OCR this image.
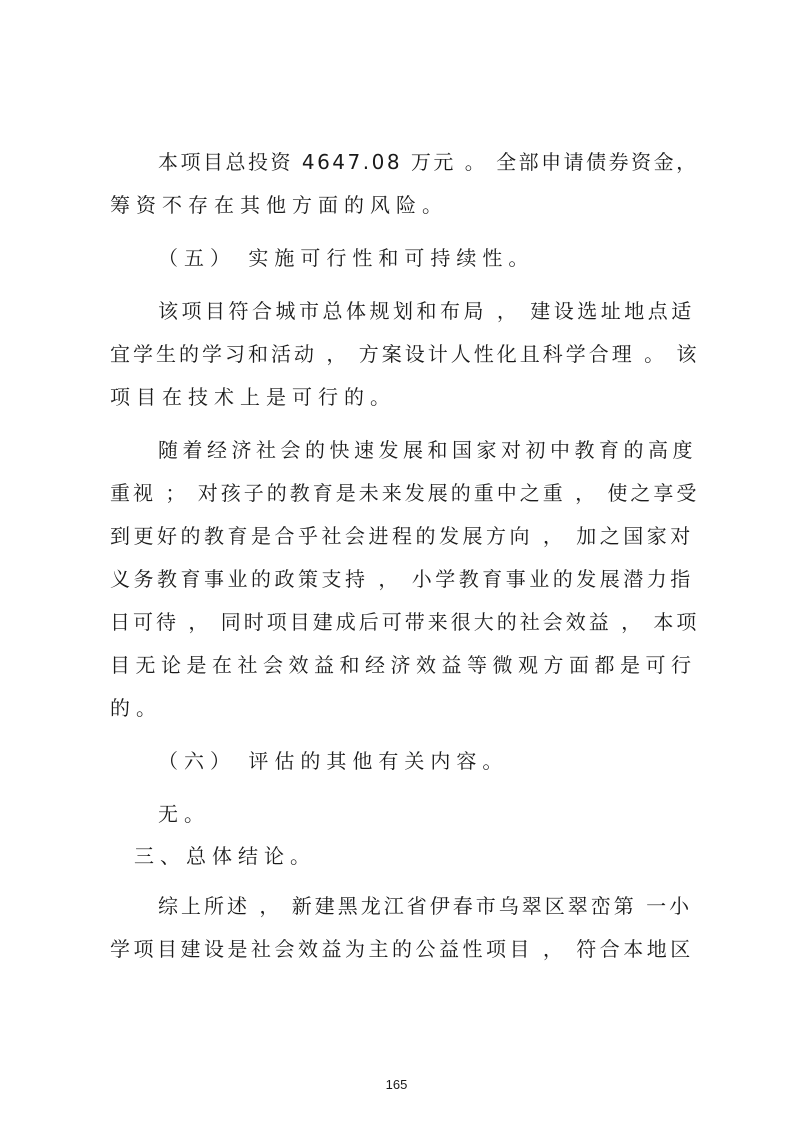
本项目总投资 4647.08 万元 。 全部申请债券资金，
筹资不存在其他方面的风险。
（五） 实施可行性和可持续性。
该项目符合城市总体规划和布局 ， 建设选址地点适
宜学生的学习和活动 ， 方案设计人性化且科学合理 。 该
项目在技术上是可行的。
随着经济社会的快速发展和国家对初中教育的高度
重视 ； 对孩子的教育是未来发展的重中之重 ， 使之享受
到更好的教育是合乎社会进程的发展方向 ， 加之国家对
义务教育事业的政策支持 ， 小学教育事业的发展潜力指
日可待 ， 同时项目建成后可带来很大的社会效益 ， 本项
目无论是在社会效益和经济效益等微观方面都是可行
的。
（六） 评估的其他有关内容。
无。
三、总体结论。
综上所述 ， 新建黑龙江省伊春市乌翠区翠峦第 一小
学项目建设是社会效益为主的公益性项目 ， 符合本地区
165
